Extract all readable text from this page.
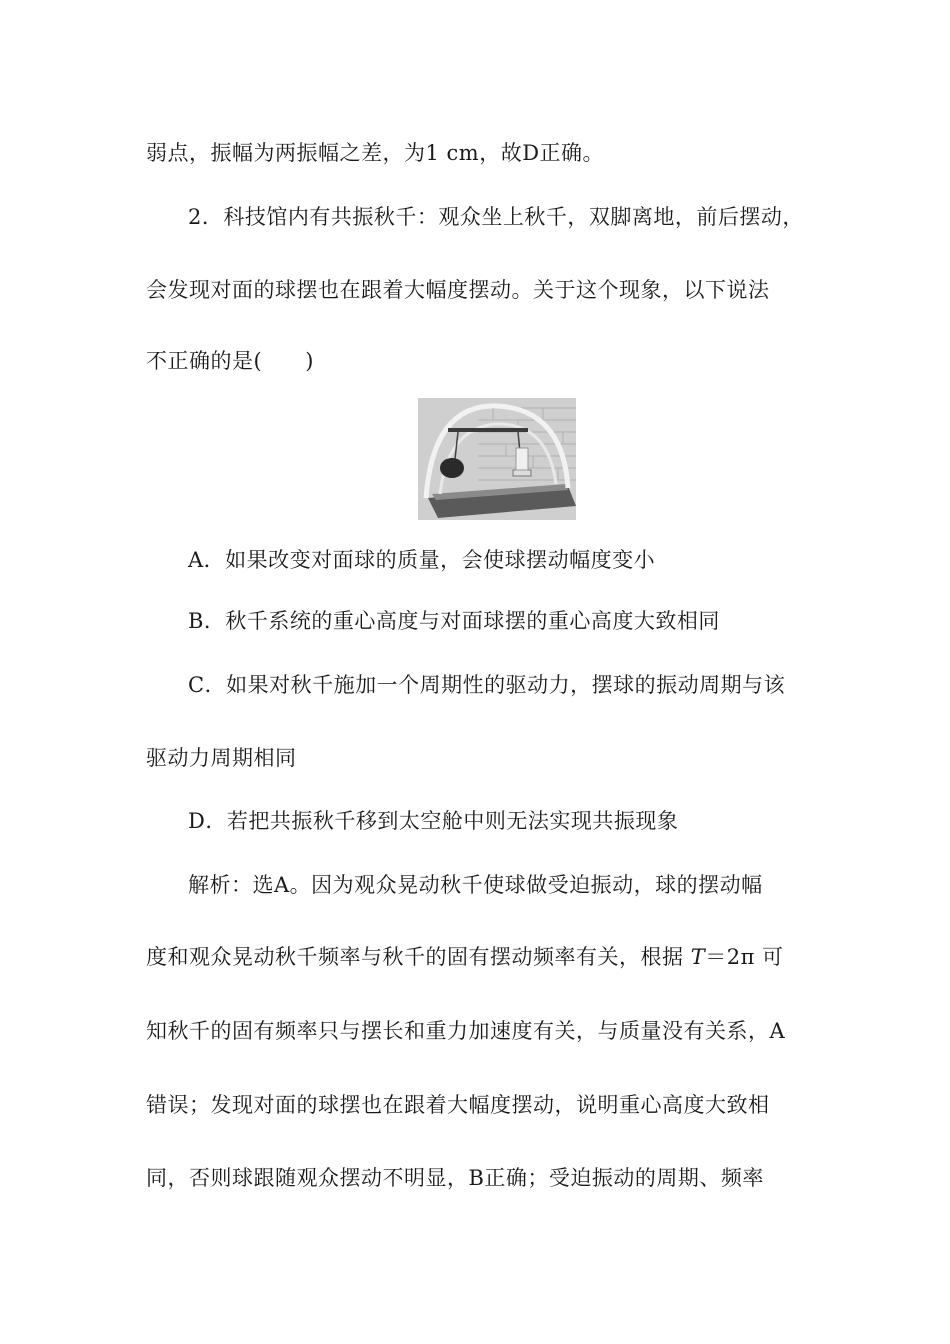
弱点，振幅为两振幅之差，为1 cm，故D正确。
2．科技馆内有共振秋千：观众坐上秋千，双脚离地，前后摆动，
会发现对面的球摆也在跟着大幅度摆动。关于这个现象，以下说法
不正确的是(　　)
A．如果改变对面球的质量，会使球摆动幅度变小
B．秋千系统的重心高度与对面球摆的重心高度大致相同
C．如果对秋千施加一个周期性的驱动力，摆球的振动周期与该
驱动力周期相同
D．若把共振秋千移到太空舱中则无法实现共振现象
解析：选A。因为观众晃动秋千使球做受迫振动，球的摆动幅
度和观众晃动秋千频率与秋千的固有摆动频率有关，根据 T＝2π 可
知秋千的固有频率只与摆长和重力加速度有关，与质量没有关系，A
错误；发现对面的球摆也在跟着大幅度摆动，说明重心高度大致相
同，否则球跟随观众摆动不明显，B正确；受迫振动的周期、频率
